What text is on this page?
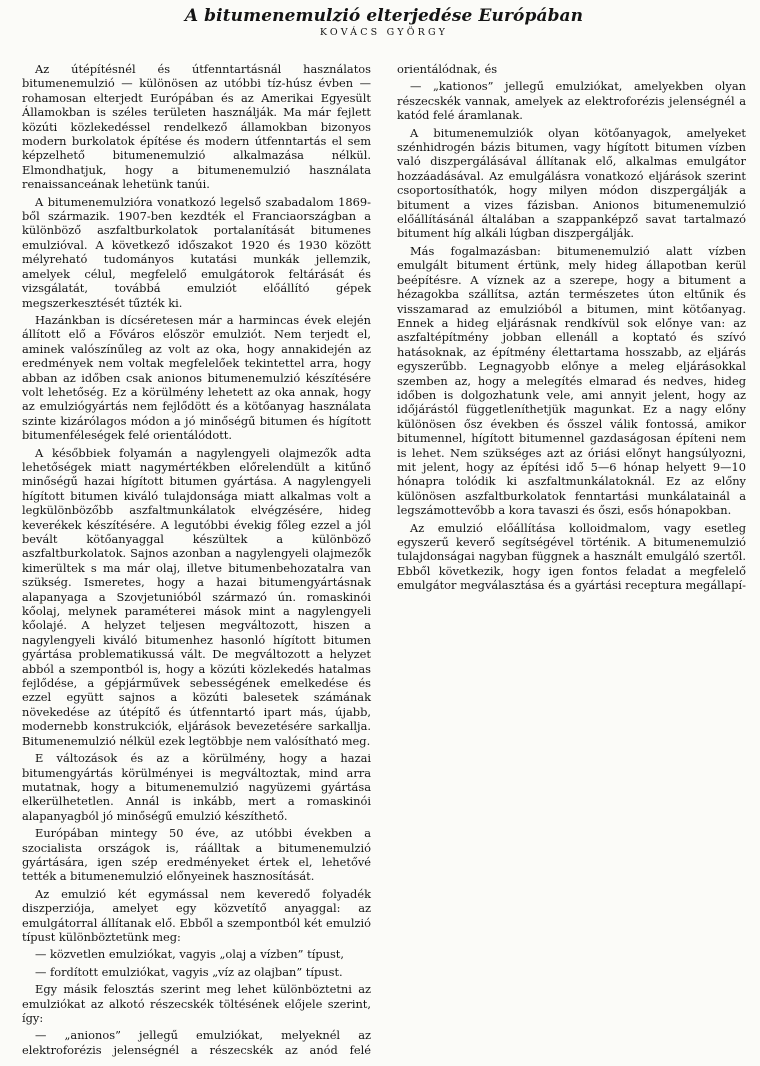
A bitumenemulzió elterjedése Európában
KOVÁCS GYÖRGY

Az útépítésnél és útfenntartásnál használatos bitumenemulzió — különösen az utóbbi tíz-húsz évben — rohamosan elterjedt Európában és az Amerikai Egyesült Államokban is széles területen használják. Ma már fejlett közúti közlekedéssel rendelkező államokban bizonyos modern burkolatok építése és modern útfenntartás el sem képzelhető bitumenemulzió alkalmazása nélkül. Elmondhatjuk, hogy a bitumenemulzió használata renaissanceának lehetünk tanúi.

A bitumenemulzióra vonatkozó legelső szabadalom 1869-ből származik. 1907-ben kezdték el Franciaországban a különböző aszfaltburkolatok portalanítását bitumenes emulzióval. A következő időszakot 1920 és 1930 között mélyreható tudományos kutatási munkák jellemzik, amelyek célul, megfelelő emulgátorok feltárását és vizsgálatát, továbbá emulziót előállító gépek megszerkesztését tűzték ki.

Hazánkban is dícséretesen már a harmincas évek elején állított elő a Főváros először emulziót. Nem terjedt el, aminek valószínűleg az volt az oka, hogy annakidején az eredmények nem voltak megfelelőek tekintettel arra, hogy abban az időben csak anionos bitumenemulzió készítésére volt lehetőség. Ez a körülmény lehetett az oka annak, hogy az emulziógyártás nem fejlődött és a kötőanyag használata szinte kizárólagos módon a jó minőségű bitumen és hígított bitumenféleségek felé orientálódott.

A későbbiek folyamán a nagylengyeli olajmezők adta lehetőségek miatt nagymértékben előrelendült a kitűnő minőségű hazai hígított bitumen gyártása. A nagylengyeli hígított bitumen kiváló tulajdonsága miatt alkalmas volt a legkülönbözőbb aszfaltmunkálatok elvégzésére, hideg keverékek készítésére. A legutóbbi évekig főleg ezzel a jól bevált kötőanyaggal készültek a különböző aszfaltburkolatok. Sajnos azonban a nagylengyeli olajmezők kimerültek s ma már olaj, illetve bitumenbehozatalra van szükség. Ismeretes, hogy a hazai bitumengyártásnak alapanyaga a Szovjetunióból származó ún. romaskinói kőolaj, melynek paraméterei mások mint a nagylengyeli kőolajé. A helyzet teljesen megváltozott, hiszen a nagylengyeli kiváló bitumenhez hasonló hígított bitumen gyártása problematikussá vált. De megváltozott a helyzet abból a szempontból is, hogy a közúti közlekedés hatalmas fejlődése, a gépjárművek sebességének emelkedése és ezzel együtt sajnos a közúti balesetek számának növekedése az útépítő és útfenntartó ipart más, újabb, modernebb konstrukciók, eljárások bevezetésére sarkallja. Bitumenemulzió nélkül ezek legtöbbje nem valósítható meg.

E változások és az a körülmény, hogy a hazai bitumengyártás körülményei is megváltoztak, mind arra mutatnak, hogy a bitumenemulzió nagyüzemi gyártása elkerülhetetlen. Annál is inkább, mert a romaskinói alapanyagból jó minőségű emulzió készíthető.

Európában mintegy 50 éve, az utóbbi években a szocialista országok is, ráálltak a bitumenemulzió gyártására, igen szép eredményeket értek el, lehetővé tették a bitumenemulzió előnyeinek hasznosítását.

Az emulzió két egymással nem keveredő folyadék diszperziója, amelyet egy közvetítő anyaggal: az emulgátorral állítanak elő. Ebből a szempontból két emulzió típust különböztetünk meg:

— közvetlen emulziókat, vagyis „olaj a vízben” típust,

— fordított emulziókat, vagyis „víz az olajban” típust.

Egy másik felosztás szerint meg lehet különböztetni az emulziókat az alkotó részecskék töltésének előjele szerint, így:

— „anionos” jellegű emulziókat, melyeknél az elektroforézis jelenségnél a részecskék az anód felé orientálódnak, és

— „kationos” jellegű emulziókat, amelyekben olyan részecskék vannak, amelyek az elektroforézis jelenségnél a katód felé áramlanak.

A bitumenemulziók olyan kötőanyagok, amelyeket szénhidrogén bázis bitumen, vagy hígított bitumen vízben való diszpergálásával állítanak elő, alkalmas emulgátor hozzáadásával. Az emulgálásra vonatkozó eljárások szerint csoportosíthatók, hogy milyen módon diszpergálják a bitument a vizes fázisban. Anionos bitumenemulzió előállításánál általában a szappanképző savat tartalmazó bitument híg alkáli lúgban diszpergálják.

Más fogalmazásban: bitumenemulzió alatt vízben emulgált bitument értünk, mely hideg állapotban kerül beépítésre. A víznek az a szerepe, hogy a bitument a hézagokba szállítsa, aztán természetes úton eltűnik és visszamarad az emulzióból a bitumen, mint kötőanyag. Ennek a hideg eljárásnak rendkívül sok előnye van: az aszfaltépítmény jobban ellenáll a koptató és szívó hatásoknak, az építmény élettartama hosszabb, az eljárás egyszerűbb. Legnagyobb előnye a meleg eljárásokkal szemben az, hogy a melegítés elmarad és nedves, hideg időben is dolgozhatunk vele, ami annyit jelent, hogy az időjárástól függetleníthetjük magunkat. Ez a nagy előny különösen ősz években és ősszel válik fontossá, amikor bitumennel, hígított bitumennel gazdaságosan építeni nem is lehet. Nem szükséges azt az óriási előnyt hangsúlyozni, mit jelent, hogy az építési idő 5—6 hónap helyett 9—10 hónapra tolódik ki aszfaltmunkálatoknál. Ez az előny különösen aszfaltburkolatok fenntartási munkálatainál a legszámottevőbb a kora tavaszi és őszi, esős hónapokban.

Az emulzió előállítása kolloidmalom, vagy esetleg egyszerű keverő segítségével történik. A bitumenemulzió tulajdonságai nagyban függnek a használt emulgáló szertől. Ebből következik, hogy igen fontos feladat a megfelelő emulgátor megválasztása és a gyártási receptura megállapí-
